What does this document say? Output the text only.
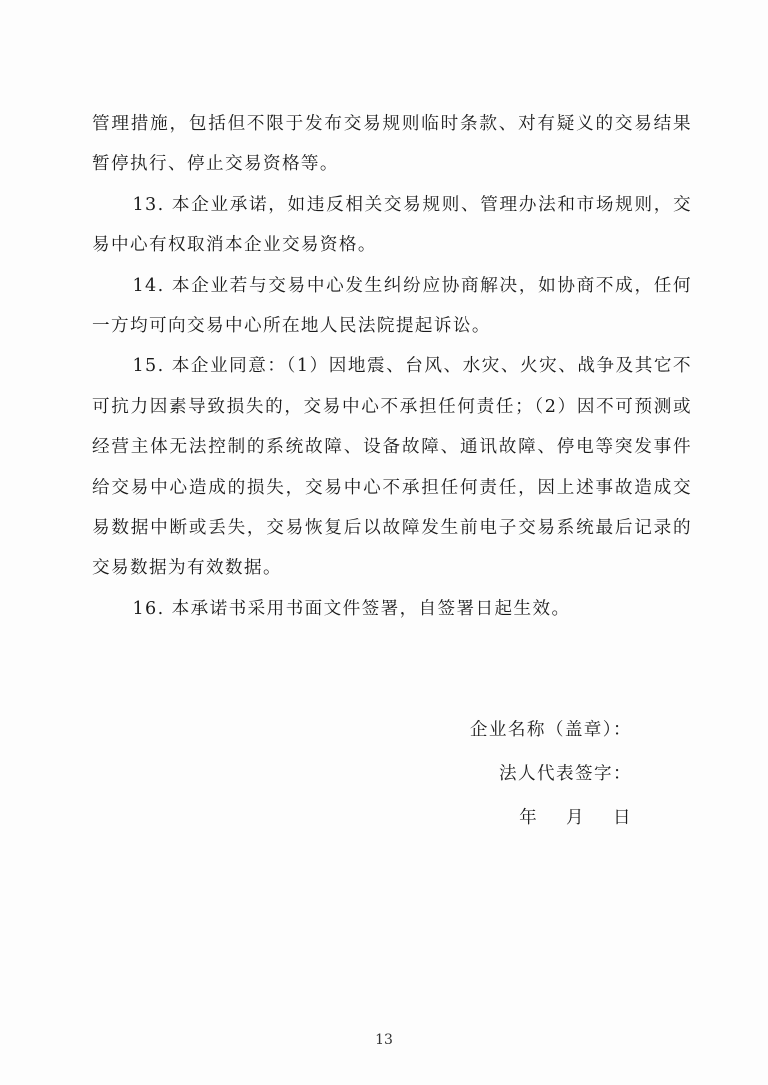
管理措施，包括但不限于发布交易规则临时条款、对有疑义的交易结果暂停执行、停止交易资格等。

13. 本企业承诺，如违反相关交易规则、管理办法和市场规则，交易中心有权取消本企业交易资格。

14. 本企业若与交易中心发生纠纷应协商解决，如协商不成，任何一方均可向交易中心所在地人民法院提起诉讼。

15. 本企业同意：（1）因地震、台风、水灾、火灾、战争及其它不可抗力因素导致损失的，交易中心不承担任何责任；（2）因不可预测或经营主体无法控制的系统故障、设备故障、通讯故障、停电等突发事件给交易中心造成的损失，交易中心不承担任何责任，因上述事故造成交易数据中断或丢失，交易恢复后以故障发生前电子交易系统最后记录的交易数据为有效数据。

16. 本承诺书采用书面文件签署，自签署日起生效。

企业名称（盖章）：
法人代表签字：
年    月    日
13
